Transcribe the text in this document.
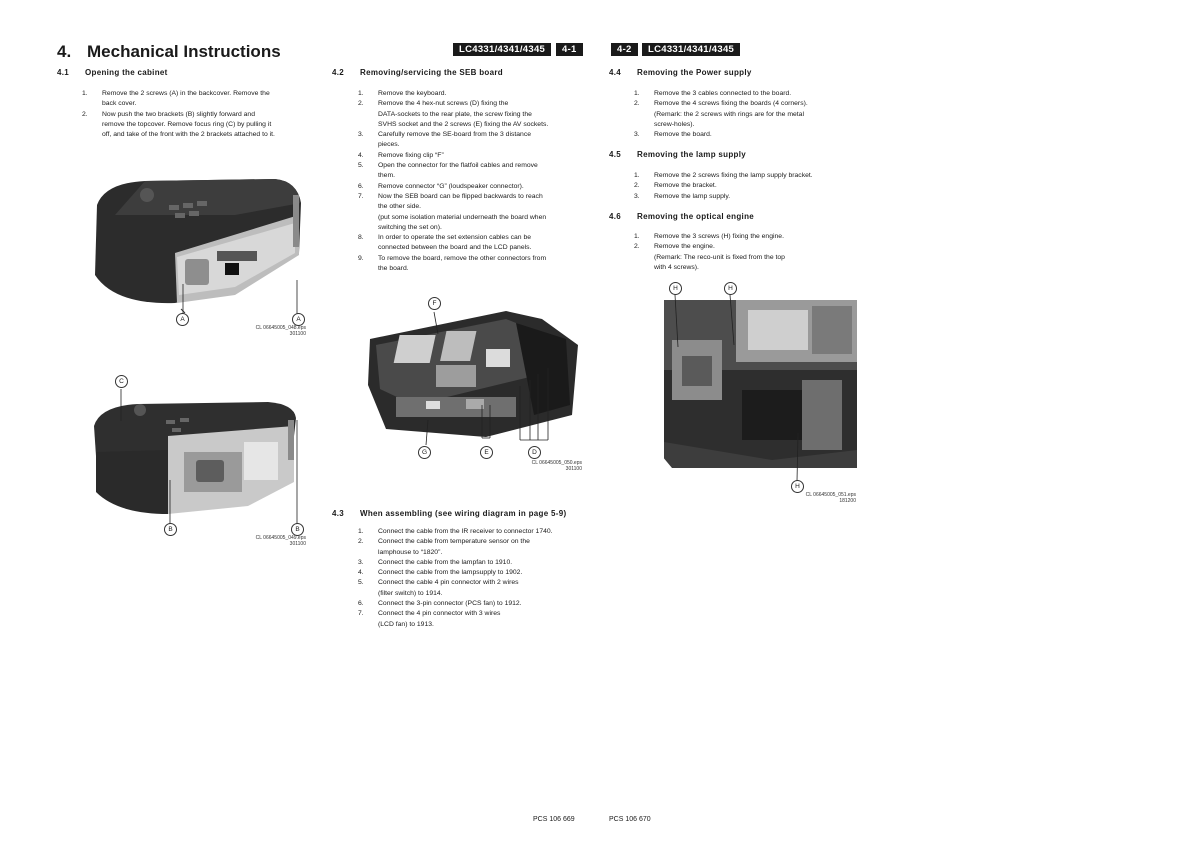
4. Mechanical Instructions	LC4331/4341/4345	4-1	4-2	LC4331/4341/4345
4.1 Opening the cabinet	4.2 Removing/servicing the SEB board
4.3 When assembling (see wiring diagram in page 5-9)
4.4 Removing the Power supply
4.5 Removing the lamp supply
4.6 Removing the optical engine
1. Remove the 2 screws (A) in the backcover. Remove the
back cover.
2. Now push the two brackets (B) slightly forward and
remove the topcover. Remove focus ring (C) by pulling it
off, and take of the front with the 2 brackets attached to it.
1. Remove the keyboard.
2. Remove the 4 hex-nut screws (D) fixing the
DATA-sockets to the rear plate, the screw fixing the
SVHS socket and the 2 screws (E) fixing the AV sockets.
3. Carefully remove the SE-board from the 3 distance
pieces.
4. Remove fixing clip “F”
5. Open the connector for the flatfoil cables and remove
them.
6. Remove connector “G” (loudspeaker connector).
7. Now the SEB board can be flipped backwards to reach
the other side.
(put some isolation material underneath the board when
switching the set on).
8. In order to operate the set extension cables can be
connected between the board and the LCD panels.
9. To remove the board, remove the other connectors from
the board.
1. Connect the cable from the IR receiver to connector 1740.
2. Connect the cable from temperature sensor on the
lamphouse to “1820”.
3. Connect the cable from the lampfan to 1910.
4. Connect the cable from the lampsupply to 1902.
5. Connect the cable 4 pin connector with 2 wires
(filter switch) to 1914.
6. Connect the 3-pin connector (PCS fan) to 1912.
7. Connect the 4 pin connector with 3 wires
(LCD fan) to 1913.
1. Remove the 3 cables connected to the board.
2. Remove the 4 screws fixing the boards (4 corners).
(Remark: the 2 screws with rings are for the metal
screw-holes).
3. Remove the board.
1. Remove the 2 screws fixing the lamp supply bracket.
2. Remove the bracket.
3. Remove the lamp supply.
1. Remove the 3 screws (H) fixing the engine.
2. Remove the engine.
(Remark: The reco-unit is fixed from the top
with 4 screws).
A	A
CL 06645005_048.eps
301100
C
B	B
CL 06645005_049.eps
301100
F
G	E	D
CL 06645005_050.eps
301100
H	H
H
CL 06645005_051.eps
181200
PCS 106 669	PCS 106 670
